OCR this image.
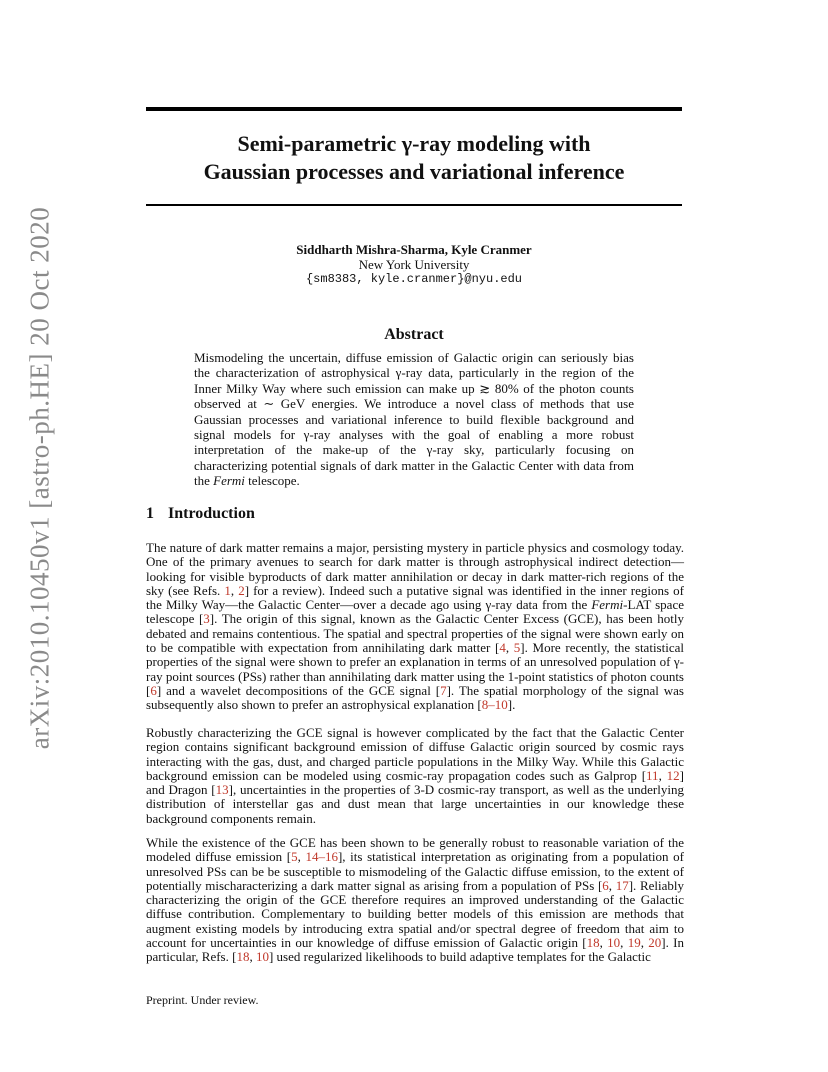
arXiv:2010.10450v1 [astro-ph.HE] 20 Oct 2020
Semi-parametric γ-ray modeling with
Gaussian processes and variational inference
Siddharth Mishra-Sharma, Kyle Cranmer
New York University
{sm8383, kyle.cranmer}@nyu.edu
Abstract
Mismodeling the uncertain, diffuse emission of Galactic origin can seriously bias the characterization of astrophysical γ-ray data, particularly in the region of the Inner Milky Way where such emission can make up ≳ 80% of the photon counts observed at ∼ GeV energies. We introduce a novel class of methods that use Gaussian processes and variational inference to build flexible background and signal models for γ-ray analyses with the goal of enabling a more robust interpretation of the make-up of the γ-ray sky, particularly focusing on characterizing potential signals of dark matter in the Galactic Center with data from the Fermi telescope.
1 Introduction
The nature of dark matter remains a major, persisting mystery in particle physics and cosmology today. One of the primary avenues to search for dark matter is through astrophysical indirect detection—looking for visible byproducts of dark matter annihilation or decay in dark matter-rich regions of the sky (see Refs. 1, 2] for a review). Indeed such a putative signal was identified in the inner regions of the Milky Way—the Galactic Center—over a decade ago using γ-ray data from the Fermi-LAT space telescope [3]. The origin of this signal, known as the Galactic Center Excess (GCE), has been hotly debated and remains contentious. The spatial and spectral properties of the signal were shown early on to be compatible with expectation from annihilating dark matter [4, 5]. More recently, the statistical properties of the signal were shown to prefer an explanation in terms of an unresolved population of γ-ray point sources (PSs) rather than annihilating dark matter using the 1-point statistics of photon counts [6] and a wavelet decompositions of the GCE signal [7]. The spatial morphology of the signal was subsequently also shown to prefer an astrophysical explanation [8–10].
Robustly characterizing the GCE signal is however complicated by the fact that the Galactic Center region contains significant background emission of diffuse Galactic origin sourced by cosmic rays interacting with the gas, dust, and charged particle populations in the Milky Way. While this Galactic background emission can be modeled using cosmic-ray propagation codes such as Galprop [11, 12] and Dragon [13], uncertainties in the properties of 3-D cosmic-ray transport, as well as the underlying distribution of interstellar gas and dust mean that large uncertainties in our knowledge these background components remain.
While the existence of the GCE has been shown to be generally robust to reasonable variation of the modeled diffuse emission [5, 14–16], its statistical interpretation as originating from a population of unresolved PSs can be be susceptible to mismodeling of the Galactic diffuse emission, to the extent of potentially mischaracterizing a dark matter signal as arising from a population of PSs [6, 17]. Reliably characterizing the origin of the GCE therefore requires an improved understanding of the Galactic diffuse contribution. Complementary to building better models of this emission are methods that augment existing models by introducing extra spatial and/or spectral degree of freedom that aim to account for uncertainties in our knowledge of diffuse emission of Galactic origin [18, 10, 19, 20]. In particular, Refs. [18, 10] used regularized likelihoods to build adaptive templates for the Galactic
Preprint. Under review.
